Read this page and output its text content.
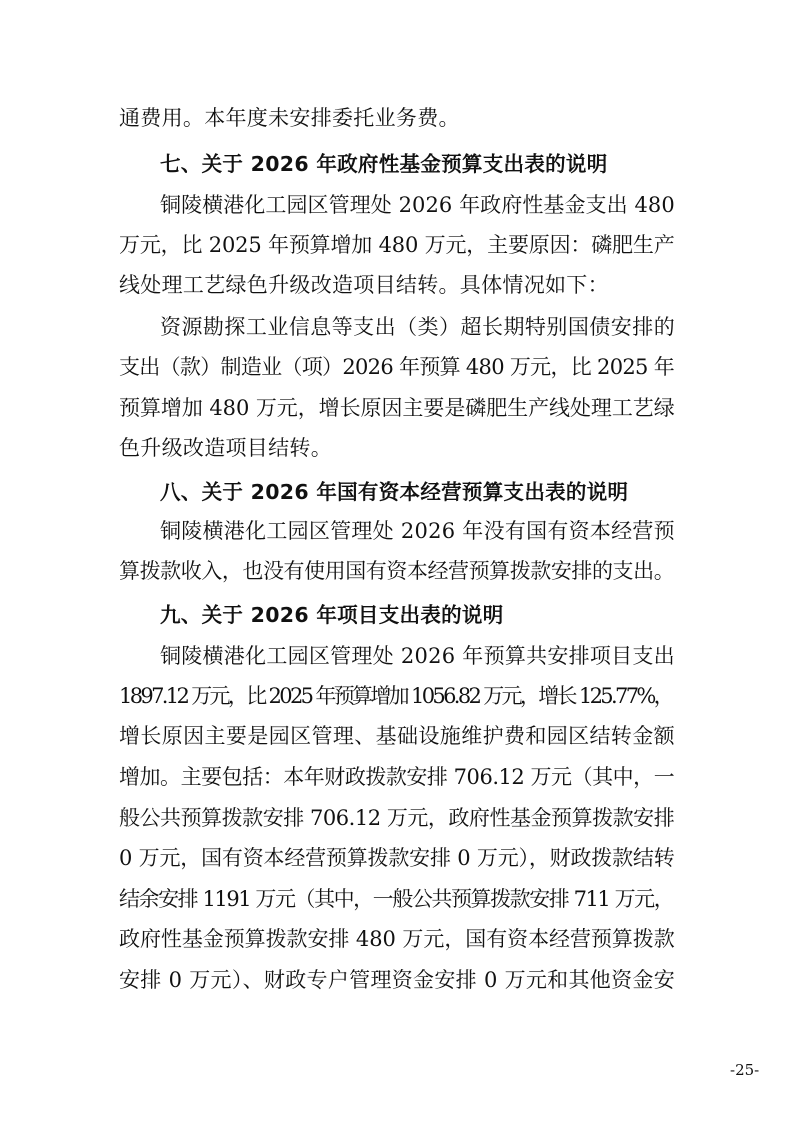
通费用。本年度未安排委托业务费。
七、关于 2026 年政府性基金预算支出表的说明
铜陵横港化工园区管理处 2026 年政府性基金支出 480
万元，比 2025 年预算增加 480 万元，主要原因：磷肥生产
线处理工艺绿色升级改造项目结转。具体情况如下：
资源勘探工业信息等支出（类）超长期特别国债安排的
支出（款）制造业（项）2026 年预算 480 万元，比 2025 年
预算增加 480 万元，增长原因主要是磷肥生产线处理工艺绿
色升级改造项目结转。
八、关于 2026 年国有资本经营预算支出表的说明
铜陵横港化工园区管理处 2026 年没有国有资本经营预
算拨款收入，也没有使用国有资本经营预算拨款安排的支出。
九、关于 2026 年项目支出表的说明
铜陵横港化工园区管理处 2026 年预算共安排项目支出
1897.12 万元，比 2025 年预算增加 1056.82 万元，增长 125.77%，
增长原因主要是园区管理、基础设施维护费和园区结转金额
增加。主要包括：本年财政拨款安排 706.12 万元（其中，一
般公共预算拨款安排 706.12 万元，政府性基金预算拨款安排
0 万元，国有资本经营预算拨款安排 0 万元），财政拨款结转
结余安排 1191 万元（其中，一般公共预算拨款安排 711 万元，
政府性基金预算拨款安排 480 万元，国有资本经营预算拨款
安排 0 万元）、财政专户管理资金安排 0 万元和其他资金安
-25-
